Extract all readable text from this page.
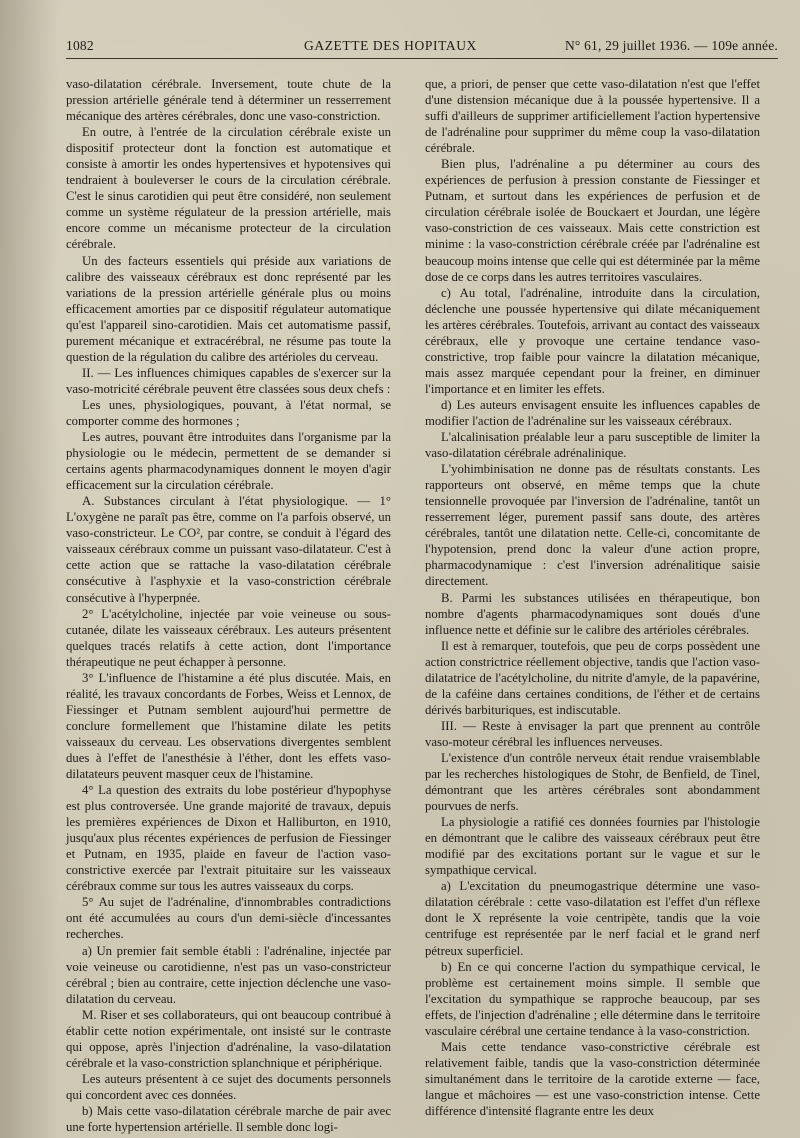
1082	GAZETTE DES HOPITAUX	N° 61, 29 juillet 1936. — 109e année.

vaso-dilatation cérébrale. Inversement, toute chute de la pression artérielle générale tend à déterminer un resserrement mécanique des artères cérébrales, donc une vaso-constriction.

En outre, à l'entrée de la circulation cérébrale existe un dispositif protecteur dont la fonction est automatique et consiste à amortir les ondes hypertensives et hypotensives qui tendraient à bouleverser le cours de la circulation cérébrale. C'est le sinus carotidien qui peut être considéré, non seulement comme un système régulateur de la pression artérielle, mais encore comme un mécanisme protecteur de la circulation cérébrale.

Un des facteurs essentiels qui préside aux variations de calibre des vaisseaux cérébraux est donc représenté par les variations de la pression artérielle générale plus ou moins efficacement amorties par ce dispositif régulateur automatique qu'est l'appareil sino-carotidien. Mais cet automatisme passif, purement mécanique et extracérébral, ne résume pas toute la question de la régulation du calibre des artérioles du cerveau.

II. — Les influences chimiques capables de s'exercer sur la vaso-motricité cérébrale peuvent être classées sous deux chefs :

Les unes, physiologiques, pouvant, à l'état normal, se comporter comme des hormones ;

Les autres, pouvant être introduites dans l'organisme par la physiologie ou le médecin, permettent de se demander si certains agents pharmacodynamiques donnent le moyen d'agir efficacement sur la circulation cérébrale.

A. Substances circulant à l'état physiologique. — 1° L'oxygène ne paraît pas être, comme on l'a parfois observé, un vaso-constricteur. Le CO², par contre, se conduit à l'égard des vaisseaux cérébraux comme un puissant vaso-dilatateur. C'est à cette action que se rattache la vaso-dilatation cérébrale consécutive à l'asphyxie et la vaso-constriction cérébrale consécutive à l'hyperpnée.

2° L'acétylcholine, injectée par voie veineuse ou sous-cutanée, dilate les vaisseaux cérébraux. Les auteurs présentent quelques tracés relatifs à cette action, dont l'importance thérapeutique ne peut échapper à personne.

3° L'influence de l'histamine a été plus discutée. Mais, en réalité, les travaux concordants de Forbes, Weiss et Lennox, de Fiessinger et Putnam semblent aujourd'hui permettre de conclure formellement que l'histamine dilate les petits vaisseaux du cerveau. Les observations divergentes semblent dues à l'effet de l'anesthésie à l'éther, dont les effets vaso-dilatateurs peuvent masquer ceux de l'histamine.

4° La question des extraits du lobe postérieur d'hypophyse est plus controversée. Une grande majorité de travaux, depuis les premières expériences de Dixon et Halliburton, en 1910, jusqu'aux plus récentes expériences de perfusion de Fiessinger et Putnam, en 1935, plaide en faveur de l'action vaso-constrictive exercée par l'extrait pituitaire sur les vaisseaux cérébraux comme sur tous les autres vaisseaux du corps.

5° Au sujet de l'adrénaline, d'innombrables contradictions ont été accumulées au cours d'un demi-siècle d'incessantes recherches.

a) Un premier fait semble établi : l'adrénaline, injectée par voie veineuse ou carotidienne, n'est pas un vaso-constricteur cérébral ; bien au contraire, cette injection déclenche une vaso-dilatation du cerveau.

M. Riser et ses collaborateurs, qui ont beaucoup contribué à établir cette notion expérimentale, ont insisté sur le contraste qui oppose, après l'injection d'adrénaline, la vaso-dilatation cérébrale et la vaso-constriction splanchnique et périphérique.

Les auteurs présentent à ce sujet des documents personnels qui concordent avec ces données.

b) Mais cette vaso-dilatation cérébrale marche de pair avec une forte hypertension artérielle. Il semble donc logi-

que, a priori, de penser que cette vaso-dilatation n'est que l'effet d'une distension mécanique due à la poussée hypertensive. Il a suffi d'ailleurs de supprimer artificiellement l'action hypertensive de l'adrénaline pour supprimer du même coup la vaso-dilatation cérébrale.

Bien plus, l'adrénaline a pu déterminer au cours des expériences de perfusion à pression constante de Fiessinger et Putnam, et surtout dans les expériences de perfusion et de circulation cérébrale isolée de Bouckaert et Jourdan, une légère vaso-constriction de ces vaisseaux. Mais cette constriction est minime : la vaso-constriction cérébrale créée par l'adrénaline est beaucoup moins intense que celle qui est déterminée par la même dose de ce corps dans les autres territoires vasculaires.

c) Au total, l'adrénaline, introduite dans la circulation, déclenche une poussée hypertensive qui dilate mécaniquement les artères cérébrales. Toutefois, arrivant au contact des vaisseaux cérébraux, elle y provoque une certaine tendance vaso-constrictive, trop faible pour vaincre la dilatation mécanique, mais assez marquée cependant pour la freiner, en diminuer l'importance et en limiter les effets.

d) Les auteurs envisagent ensuite les influences capables de modifier l'action de l'adrénaline sur les vaisseaux cérébraux.

L'alcalinisation préalable leur a paru susceptible de limiter la vaso-dilatation cérébrale adrénalinique.

L'yohimbinisation ne donne pas de résultats constants. Les rapporteurs ont observé, en même temps que la chute tensionnelle provoquée par l'inversion de l'adrénaline, tantôt un resserrement léger, purement passif sans doute, des artères cérébrales, tantôt une dilatation nette. Celle-ci, concomitante de l'hypotension, prend donc la valeur d'une action propre, pharmacodynamique : c'est l'inversion adrénalitique saisie directement.

B. Parmi les substances utilisées en thérapeutique, bon nombre d'agents pharmacodynamiques sont doués d'une influence nette et définie sur le calibre des artérioles cérébrales.

Il est à remarquer, toutefois, que peu de corps possèdent une action constrictrice réellement objective, tandis que l'action vaso-dilatatrice de l'acétylcholine, du nitrite d'amyle, de la papavérine, de la caféine dans certaines conditions, de l'éther et de certains dérivés barbituriques, est indiscutable.

III. — Reste à envisager la part que prennent au contrôle vaso-moteur cérébral les influences nerveuses.

L'existence d'un contrôle nerveux était rendue vraisemblable par les recherches histologiques de Stohr, de Benfield, de Tinel, démontrant que les artères cérébrales sont abondamment pourvues de nerfs.

La physiologie a ratifié ces données fournies par l'histologie en démontrant que le calibre des vaisseaux cérébraux peut être modifié par des excitations portant sur le vague et sur le sympathique cervical.

a) L'excitation du pneumogastrique détermine une vaso-dilatation cérébrale : cette vaso-dilatation est l'effet d'un réflexe dont le X représente la voie centripète, tandis que la voie centrifuge est représentée par le nerf facial et le grand nerf pétreux superficiel.

b) En ce qui concerne l'action du sympathique cervical, le problème est certainement moins simple. Il semble que l'excitation du sympathique se rapproche beaucoup, par ses effets, de l'injection d'adrénaline ; elle détermine dans le territoire vasculaire cérébral une certaine tendance à la vaso-constriction.

Mais cette tendance vaso-constrictive cérébrale est relativement faible, tandis que la vaso-constriction déterminée simultanément dans le territoire de la carotide externe — face, langue et mâchoires — est une vaso-constriction intense. Cette différence d'intensité flagrante entre les deux
